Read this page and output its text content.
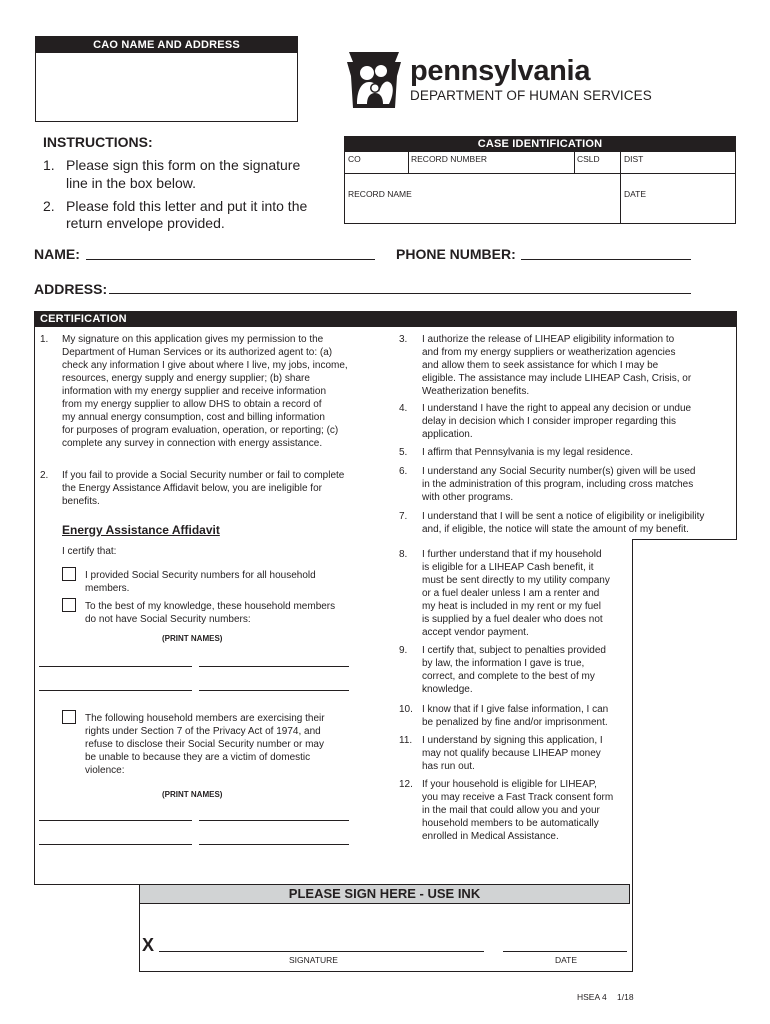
CAO NAME AND ADDRESS
pennsylvania
DEPARTMENT OF HUMAN SERVICES
INSTRUCTIONS:
1. Please sign this form on the signature
line in the box below.
2. Please fold this letter and put it into the
return envelope provided.
CASE IDENTIFICATION
CO	RECORD NUMBER	CSLD	DIST
RECORD NAME	DATE
NAME:	PHONE NUMBER:
ADDRESS:
CERTIFICATION
1. My signature on this application gives my permission to the
Department of Human Services or its authorized agent to: (a)
check any information I give about where I live, my jobs, income,
resources, energy supply and energy supplier; (b) share
information with my energy supplier and receive information
from my energy supplier to allow DHS to obtain a record of
my annual energy consumption, cost and billing information
for purposes of program evaluation, operation, or reporting; (c)
complete any survey in connection with energy assistance.
2. If you fail to provide a Social Security number or fail to complete
the Energy Assistance Affidavit below, you are ineligible for
benefits.
Energy Assistance Affidavit
I certify that:
I provided Social Security numbers for all household
members.
To the best of my knowledge, these household members
do not have Social Security numbers:
(PRINT NAMES)
The following household members are exercising their
rights under Section 7 of the Privacy Act of 1974, and
refuse to disclose their Social Security number or may
be unable to because they are a victim of domestic
violence:
(PRINT NAMES)
3. I authorize the release of LIHEAP eligibility information to
and from my energy suppliers or weatherization agencies
and allow them to seek assistance for which I may be
eligible. The assistance may include LIHEAP Cash, Crisis, or
Weatherization benefits.
4. I understand I have the right to appeal any decision or undue
delay in decision which I consider improper regarding this
application.
5. I affirm that Pennsylvania is my legal residence.
6. I understand any Social Security number(s) given will be used
in the administration of this program, including cross matches
with other programs.
7. I understand that I will be sent a notice of eligibility or ineligibility
and, if eligible, the notice will state the amount of my benefit.
8. I further understand that if my household
is eligible for a LIHEAP Cash benefit, it
must be sent directly to my utility company
or a fuel dealer unless I am a renter and
my heat is included in my rent or my fuel
is supplied by a fuel dealer who does not
accept vendor payment.
9. I certify that, subject to penalties provided
by law, the information I gave is true,
correct, and complete to the best of my
knowledge.
10. I know that if I give false information, I can
be penalized by fine and/or imprisonment.
11. I understand by signing this application, I
may not qualify because LIHEAP money
has run out.
12. If your household is eligible for LIHEAP,
you may receive a Fast Track consent form
in the mail that could allow you and your
household members to be automatically
enrolled in Medical Assistance.
PLEASE SIGN HERE - USE INK
X
SIGNATURE	DATE
HSEA 4 1/18
